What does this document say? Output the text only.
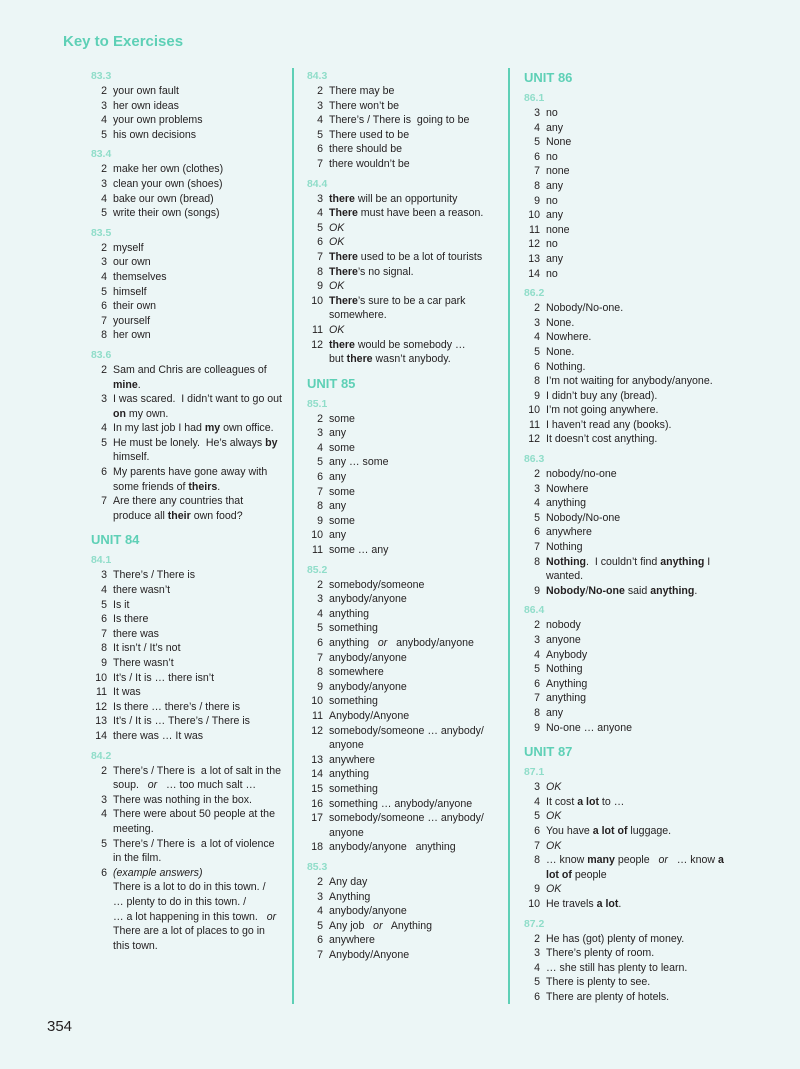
Key to Exercises
83.3
2 your own fault
3 her own ideas
4 your own problems
5 his own decisions
83.4
2 make her own (clothes)
3 clean your own (shoes)
4 bake our own (bread)
5 write their own (songs)
83.5
2 myself
3 our own
4 themselves
5 himself
6 their own
7 yourself
8 her own
83.6
2 Sam and Chris are colleagues of mine.
3 I was scared.  I didn’t want to go out on my own.
4 In my last job I had my own office.
5 He must be lonely.  He’s always by himself.
6 My parents have gone away with some friends of theirs.
7 Are there any countries that produce all their own food?
UNIT 84
84.1
3 There’s / There is
4 there wasn’t
5 Is it
6 Is there
7 there was
8 It isn’t / It’s not
9 There wasn’t
10 It’s / It is … there isn’t
11 It was
12 Is there … there’s / there is
13 It’s / It is … There’s / There is
14 there was … It was
84.2
2 There’s / There is  a lot of salt in the soup.   or   … too much salt …
3 There was nothing in the box.
4 There were about 50 people at the meeting.
5 There’s / There is  a lot of violence in the film.
6 (example answers)
There is a lot to do in this town. /
… plenty to do in this town. /
… a lot happening in this town.   or
There are a lot of places to go in this town.
84.3
2 There may be
3 There won’t be
4 There’s / There is  going to be
5 There used to be
6 there should be
7 there wouldn’t be
84.4
3 there will be an opportunity
4 There must have been a reason.
5 OK
6 OK
7 There used to be a lot of tourists
8 There’s no signal.
9 OK
10 There’s sure to be a car park somewhere.
11 OK
12 there would be somebody …
but there wasn’t anybody.
UNIT 85
85.1
2 some
3 any
4 some
5 any … some
6 any
7 some
8 any
9 some
10 any
11 some … any
85.2
2 somebody/someone
3 anybody/anyone
4 anything
5 something
6 anything   or   anybody/anyone
7 anybody/anyone
8 somewhere
9 anybody/anyone
10 something
11 Anybody/Anyone
12 somebody/someone … anybody/ anyone
13 anywhere
14 anything
15 something
16 something … anybody/anyone
17 somebody/someone … anybody/ anyone
18 anybody/anyone   anything
85.3
2 Any day
3 Anything
4 anybody/anyone
5 Any job   or   Anything
6 anywhere
7 Anybody/Anyone
UNIT 86
86.1
3 no
4 any
5 None
6 no
7 none
8 any
9 no
10 any
11 none
12 no
13 any
14 no
86.2
2 Nobody/No-one.
3 None.
4 Nowhere.
5 None.
6 Nothing.
8 I’m not waiting for anybody/anyone.
9 I didn’t buy any (bread).
10 I’m not going anywhere.
11 I haven’t read any (books).
12 It doesn’t cost anything.
86.3
2 nobody/no-one
3 Nowhere
4 anything
5 Nobody/No-one
6 anywhere
7 Nothing
8 Nothing.  I couldn’t find anything I wanted.
9 Nobody/No-one said anything.
86.4
2 nobody
3 anyone
4 Anybody
5 Nothing
6 Anything
7 anything
8 any
9 No-one … anyone
UNIT 87
87.1
3 OK
4 It cost a lot to …
5 OK
6 You have a lot of luggage.
7 OK
8 … know many people   or   … know a lot of people
9 OK
10 He travels a lot.
87.2
2 He has (got) plenty of money.
3 There’s plenty of room.
4 … she still has plenty to learn.
5 There is plenty to see.
6 There are plenty of hotels.
354
